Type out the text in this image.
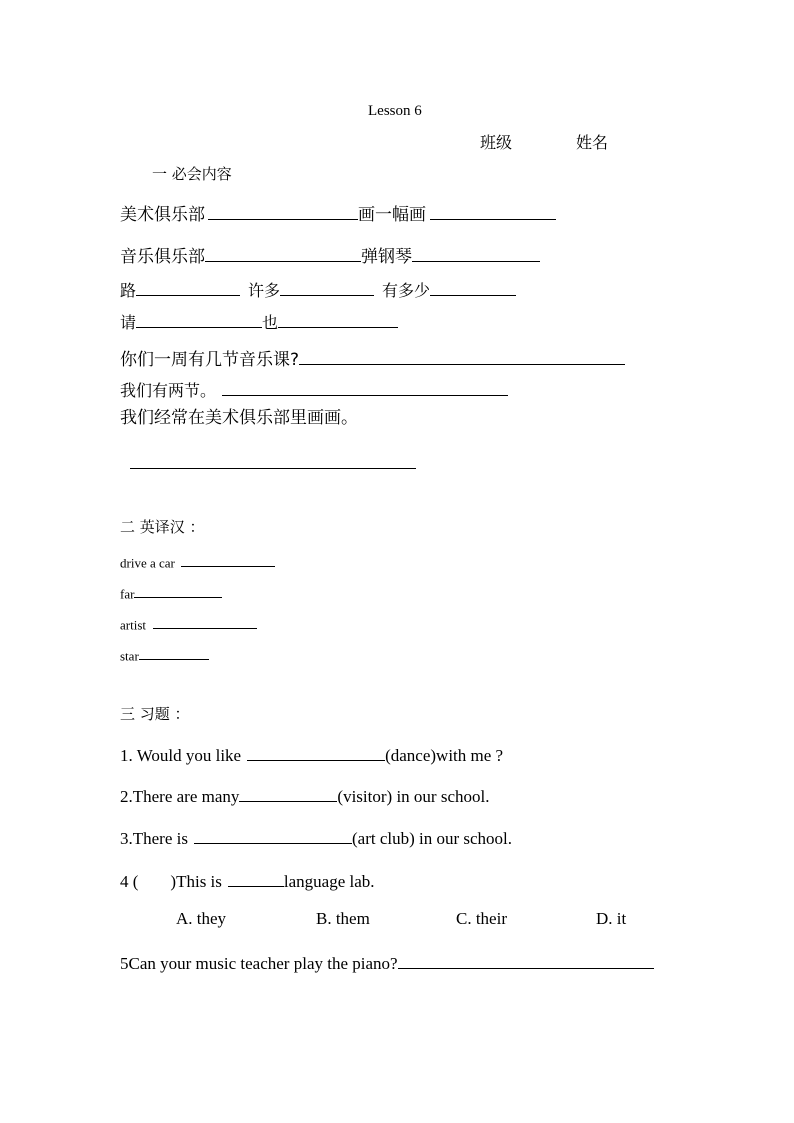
Lesson 6
班级	姓名
一 必会内容
美术俱乐部	画一幅画
音乐俱乐部	弹钢琴
路	许多	有多少
请	也
你们一周有几节音乐课?
我们有两节。
我们经常在美术俱乐部里画画。
二 英译汉 ：
drive a car
far
artist
star
三 习题 ：
1. Would you like	(dance)with me ?
2.There are many	(visitor) in our school.
3.There is	(art club) in our school.
4 ( )This is	language lab.
A. they	B. them	C. their	D. it
5Can your music teacher play the piano?
